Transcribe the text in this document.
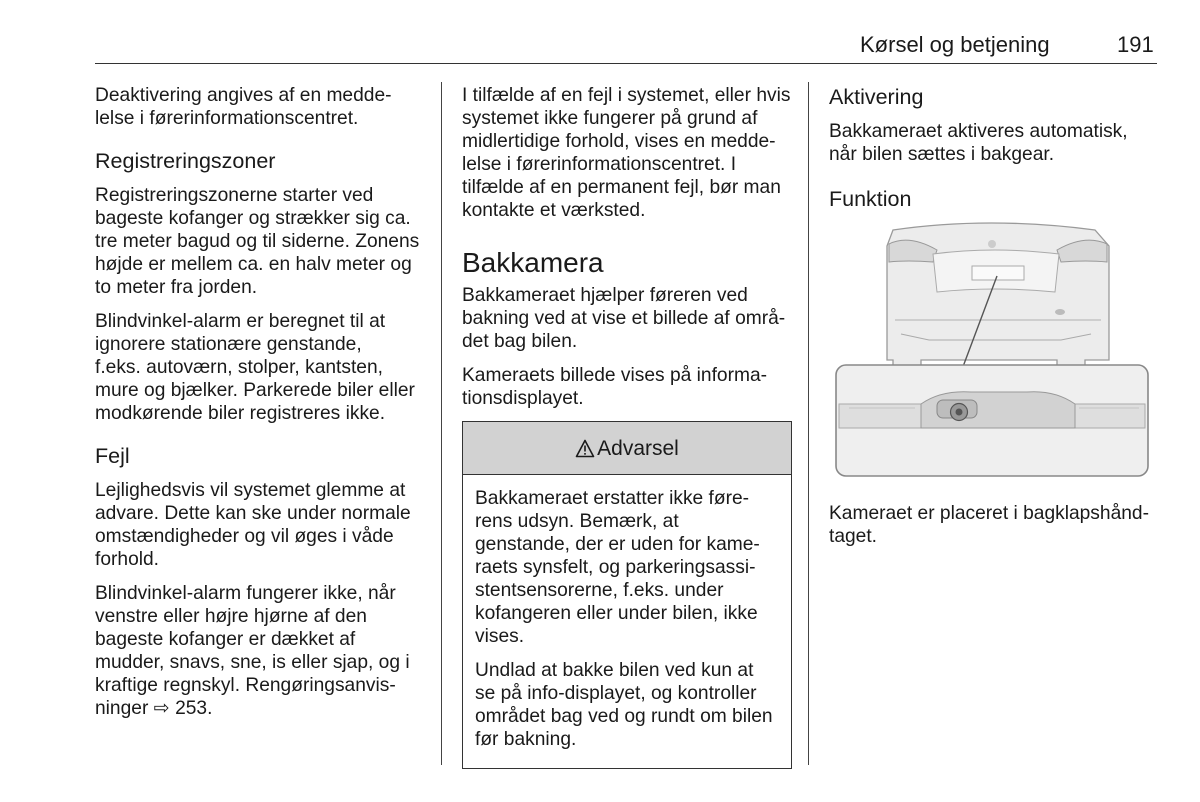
Kørsel og betjening	191

Deaktivering angives af en medde-
lelse i førerinformationscentret.

Registreringszoner

Registreringszonerne starter ved
bageste kofanger og strækker sig ca.
tre meter bagud og til siderne. Zonens
højde er mellem ca. en halv meter og
to meter fra jorden.

Blindvinkel-alarm er beregnet til at
ignorere stationære genstande,
f.eks. autoværn, stolper, kantsten,
mure og bjælker. Parkerede biler eller
modkørende biler registreres ikke.

Fejl

Lejlighedsvis vil systemet glemme at
advare. Dette kan ske under normale
omstændigheder og vil øges i våde
forhold.

Blindvinkel-alarm fungerer ikke, når
venstre eller højre hjørne af den
bageste kofanger er dækket af
mudder, snavs, sne, is eller sjap, og i
kraftige regnskyl. Rengøringsanvis-
ninger ⇨ 253.

I tilfælde af en fejl i systemet, eller hvis
systemet ikke fungerer på grund af
midlertidige forhold, vises en medde-
lelse i førerinformationscentret. I
tilfælde af en permanent fejl, bør man
kontakte et værksted.

Bakkamera

Bakkameraet hjælper føreren ved
bakning ved at vise et billede af områ-
det bag bilen.

Kameraets billede vises på informa-
tionsdisplayet.

Advarsel

Bakkameraet erstatter ikke føre-
rens udsyn. Bemærk, at
genstande, der er uden for kame-
raets synsfelt, og parkeringsassi-
stentsensorerne, f.eks. under
kofangeren eller under bilen, ikke
vises.

Undlad at bakke bilen ved kun at
se på info-displayet, og kontroller
området bag ved og rundt om bilen
før bakning.

Aktivering

Bakkameraet aktiveres automatisk,
når bilen sættes i bakgear.

Funktion

Kameraet er placeret i bagklapshånd-
taget.
